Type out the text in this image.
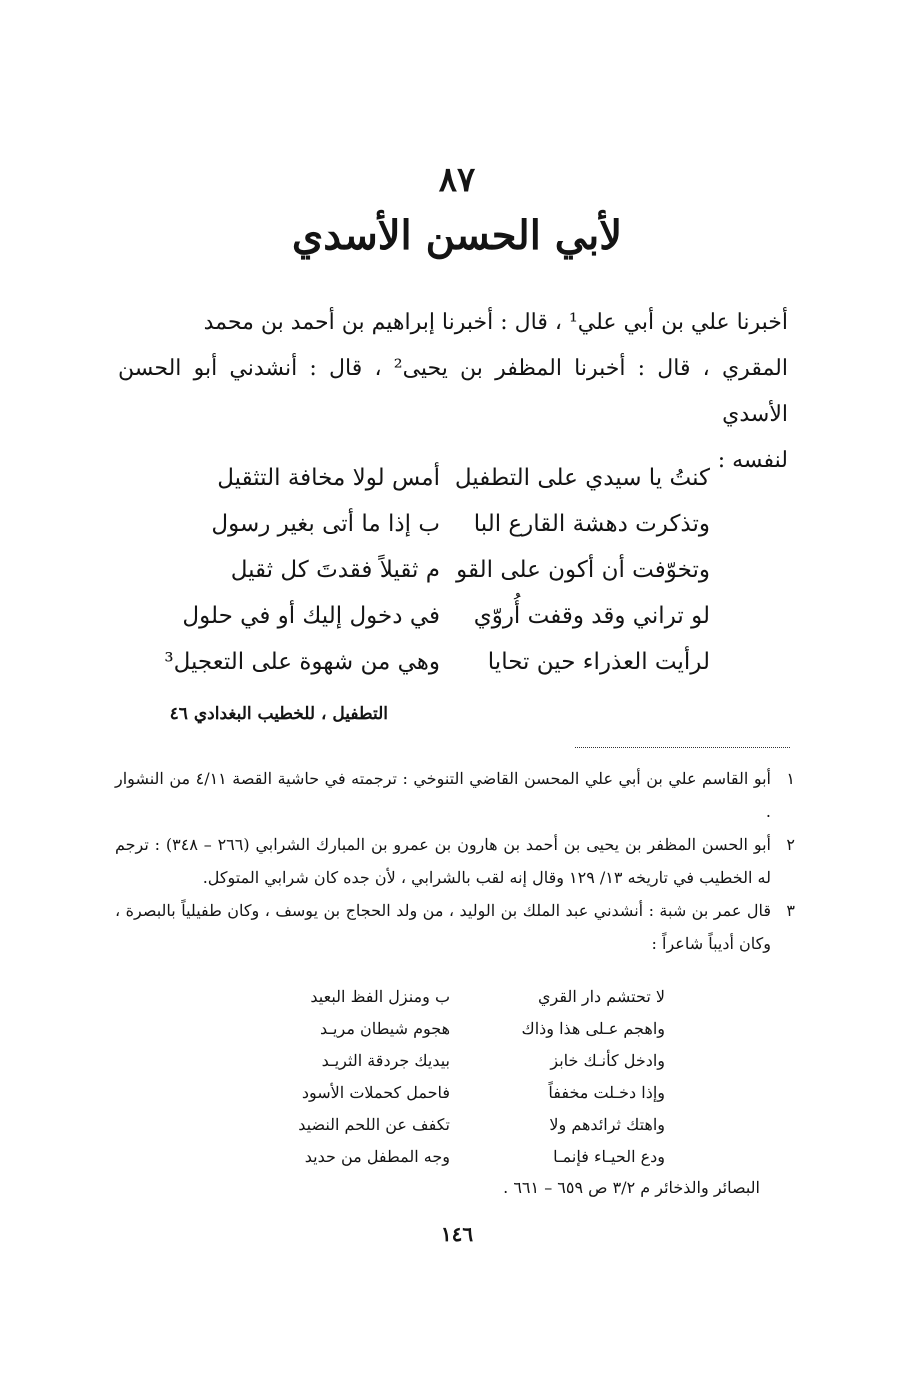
٨٧
لأبي الحسن الأسدي

أخبرنا علي بن أبي علي¹ ، قال : أخبرنا إبراهيم بن أحمد بن محمد

المقري ، قال : أخبرنا المظفر بن يحيى² ، قال : أنشدني أبو الحسن الأسدي

لنفسه :

كنتُ يا سيدي على التطفيل
أمس لولا مخافة التثقيل
وتذكرت دهشة القارع البا
ب إذا ما أتى بغير رسول
وتخوّفت أن أكون على القو
م ثقيلاً فقدتَ كل ثقيل
لو تراني وقد وقفت أُروّي
في دخول إليك أو في حلول
لرأيت العذراء حين تحايا
وهي من شهوة على التعجيل³
التطفيل ، للخطيب البغدادي ٤٦
١
أبو القاسم علي بن أبي علي المحسن القاضي التنوخي : ترجمته في حاشية القصة ٤/١١ من النشوار .
٢
أبو الحسن المظفر بن يحيى بن أحمد بن هارون بن عمرو بن المبارك الشرابي (٢٦٦ – ٣٤٨) : ترجم له الخطيب في تاريخه ١٣/ ١٢٩ وقال إنه لقب بالشرابي ، لأن جده كان شرابي المتوكل.
٣
قال عمر بن شبة : أنشدني عبد الملك بن الوليد ، من ولد الحجاج بن يوسف ، وكان طفيلياً بالبصرة ، وكان أديباً شاعراً :
لا تحتشم دار القري
ب ومنزل الفظ البعيد
واهجم عـلى هذا وذاك
هجوم شيطان مريـد
وادخل كأنـك خابز
بيديك جردقة الثريـد
وإذا دخـلت مخففاً
فاحمل كحملات الأسود
واهتك ثرائدهم ولا
تكفف عن اللحم النضيد
ودع الحيـاء فإنمـا
وجه المطفل من حديد
البصائر والذخائر م ٣/٢ ص ٦٥٩ – ٦٦١ .
١٤٦
